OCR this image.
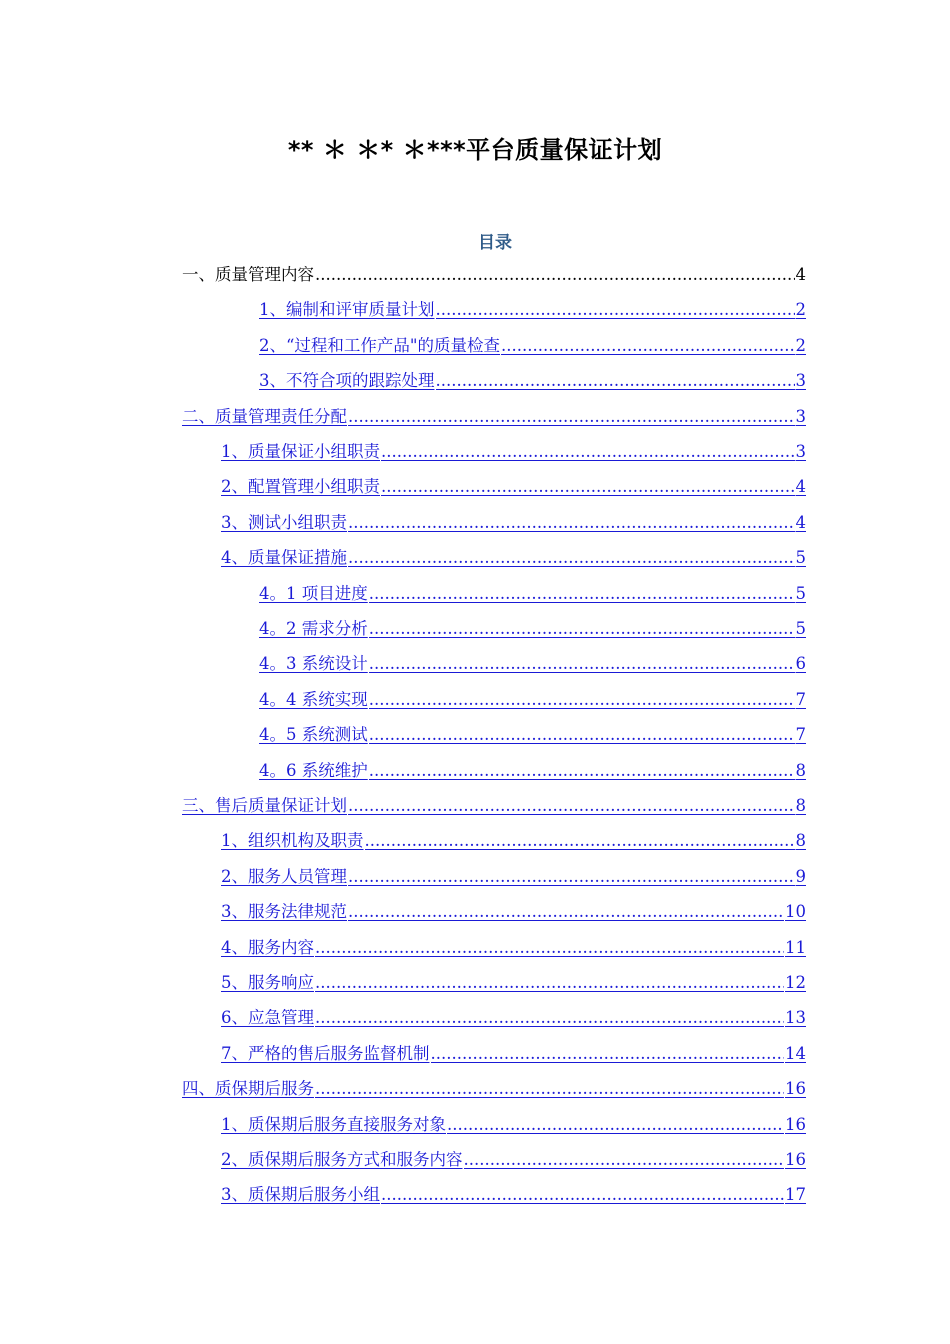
** ＊ ＊* ＊***平台质量保证计划
目录
一、质量管理内容 .....	4
1、编制和评审质量计划 .....	2
2、“过程和工作产品"的质量检查 .....	2
3、不符合项的跟踪处理 .....	3
二、质量管理责任分配 .....	3
1、质量保证小组职责 .....	3
2、配置管理小组职责 .....	4
3、测试小组职责 .....	4
4、质量保证措施 .....	5
4。1 项目进度 .....	5
4。2 需求分析 .....	5
4。3 系统设计 .....	6
4。4 系统实现 .....	7
4。5 系统测试 .....	7
4。6 系统维护 .....	8
三、售后质量保证计划 .....	8
1、组织机构及职责 .....	8
2、服务人员管理 .....	9
3、服务法律规范 .....	10
4、服务内容 .....	11
5、服务响应 .....	12
6、应急管理 .....	13
7、严格的售后服务监督机制 .....	14
四、质保期后服务 .....	16
1、质保期后服务直接服务对象 .....	16
2、质保期后服务方式和服务内容 .....	16
3、质保期后服务小组 .....	17
